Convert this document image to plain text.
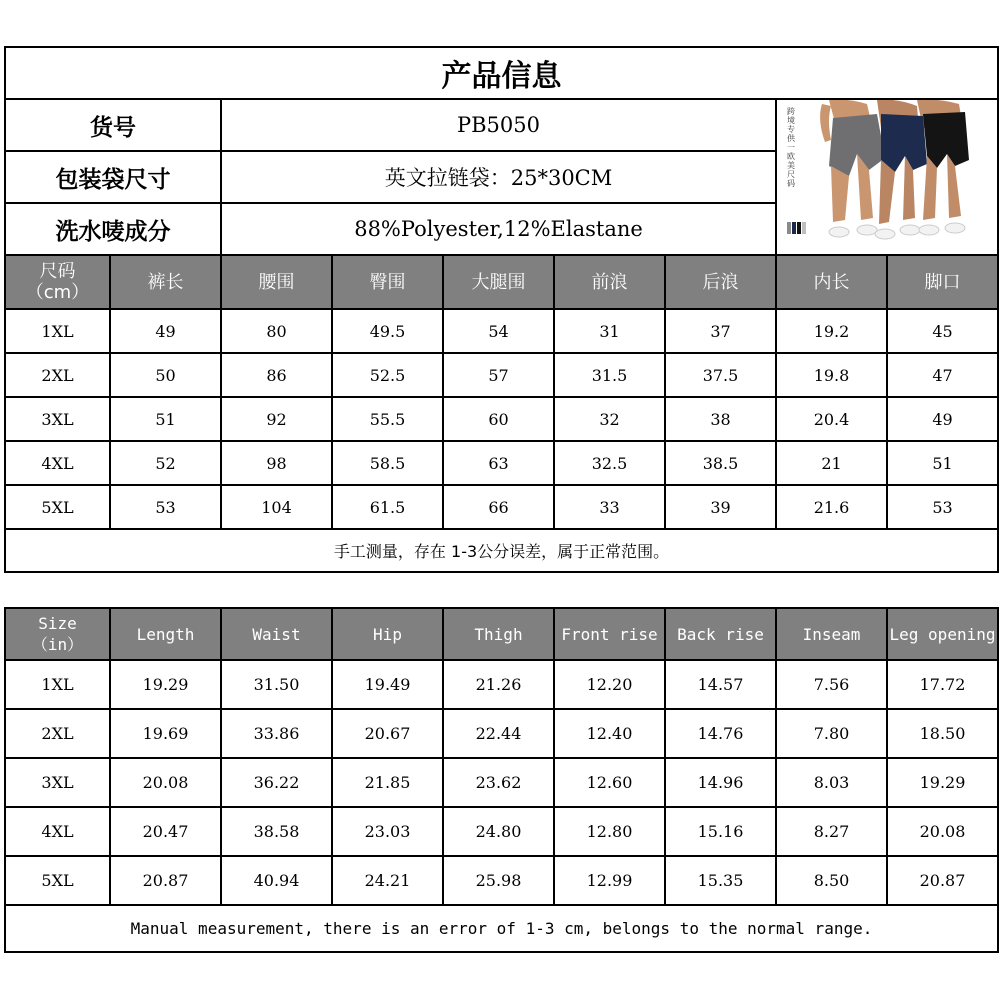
产品信息								
货号		PB5050					跨境专供 一欧美尺码	

包装袋尺寸		英文拉链袋：25*30CM						
洗水唛成分		88%Polyester,12%Elastane						
尺码
（cm）	裤长	腰围	臀围	大腿围	前浪	后浪	内长	脚口
1XL	49	80	49.5	54	31	37	19.2	45
2XL	50	86	52.5	57	31.5	37.5	19.8	47
3XL	51	92	55.5	60	32	38	20.4	49
4XL	52	98	58.5	63	32.5	38.5	21	51
5XL	53	104	61.5	66	33	39	21.6	53
手工测量，存在 1-3公分误差，属于正常范围。								
Size
（in）	Length	Waist	Hip	Thigh	Front rise	Back rise	Inseam	Leg opening
1XL	19.29	31.50	19.49	21.26	12.20	14.57	7.56	17.72
2XL	19.69	33.86	20.67	22.44	12.40	14.76	7.80	18.50
3XL	20.08	36.22	21.85	23.62	12.60	14.96	8.03	19.29
4XL	20.47	38.58	23.03	24.80	12.80	15.16	8.27	20.08
5XL	20.87	40.94	24.21	25.98	12.99	15.35	8.50	20.87
Manual measurement, there is an error of 1-3 cm, belongs to the normal range.								
